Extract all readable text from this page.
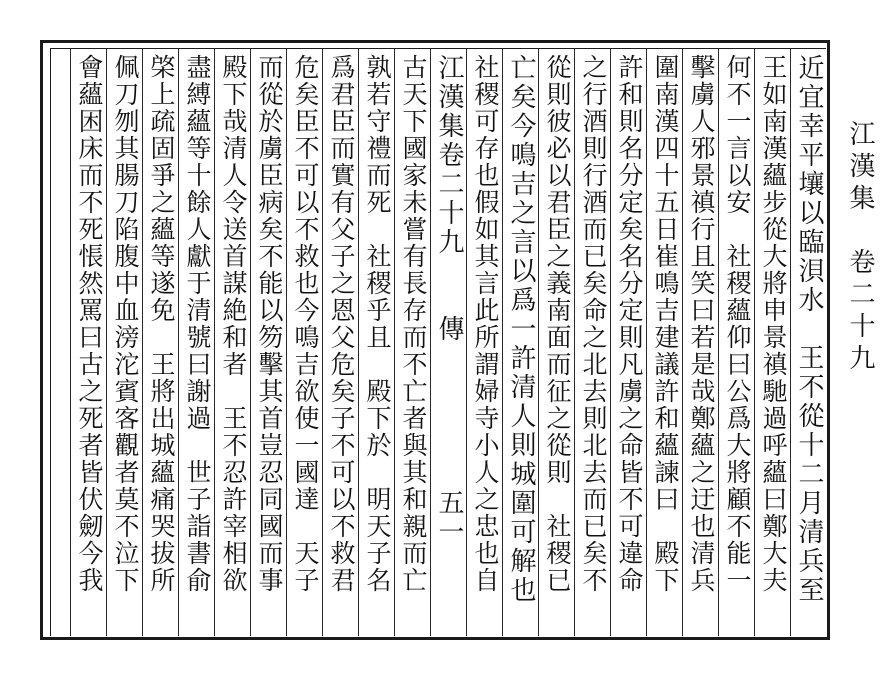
江漢集　卷二十九
近宜幸平壤以臨浿水　王不從十二月清兵至
王如南漢蘊步從大將申景禛馳過呼蘊曰鄭大夫
何不一言以安　社稷蘊仰曰公爲大將顧不能一
擊虜人邪景禛行且笑曰若是哉鄭蘊之迂也清兵
圍南漢四十五日崔鳴吉建議許和蘊諫曰　殿下
許和則名分定矣名分定則凡虜之命皆不可違命
之行酒則行酒而已矣命之北去則北去而已矣不
從則彼必以君臣之義南面而征之從則　社稷已
亡矣今鳴吉之言以爲一許清人則城圍可解也
社稷可存也假如其言此所謂婦寺小人之忠也自
江漢集卷二十九　　傳　　　　　五一
古天下國家未嘗有長存而不亡者與其和親而亡
孰若守禮而死　社稷乎且　殿下於　明天子名
爲君臣而實有父子之恩父危矣子不可以不救君
危矣臣不可以不救也今鳴吉欲使一國達　天子
而從於虜臣病矣不能以笏擊其首豈忍同國而事
殿下哉清人令送首謀絶和者　王不忍許宰相欲
盡縛蘊等十餘人獻于清號曰謝過　世子詣書俞
棨上疏固爭之蘊等遂免　王將出城蘊痛哭拔所
佩刀刎其腸刀陷腹中血滂沱賓客觀者莫不泣下
會蘊困床而不死悵然罵曰古之死者皆伏劒今我
